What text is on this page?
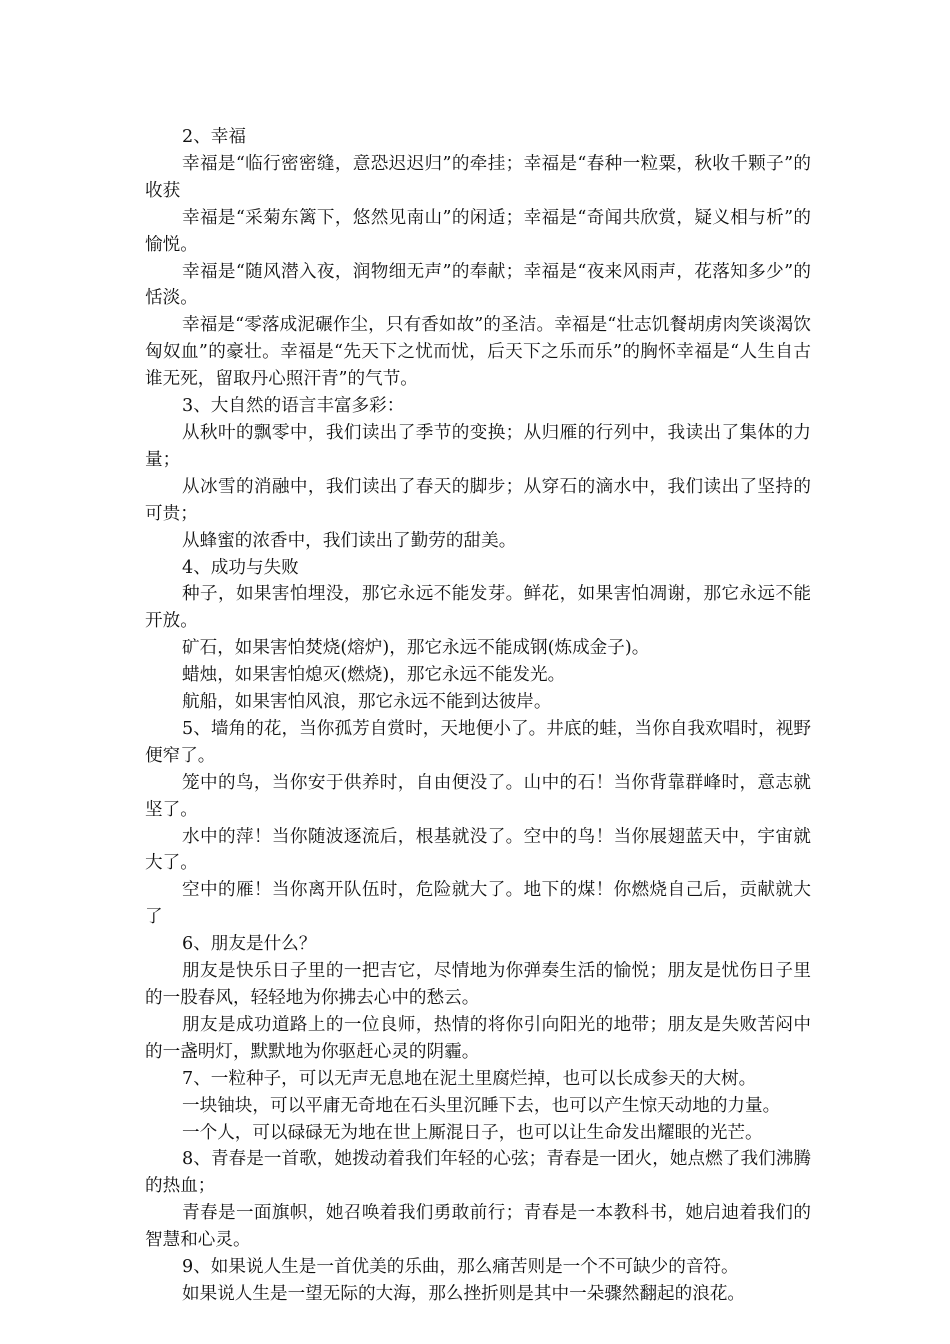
2、幸福

幸福是“临行密密缝，意恐迟迟归”的牵挂；幸福是“春种一粒粟，秋收千颗子”的收获

幸福是“采菊东篱下，悠然见南山”的闲适；幸福是“奇闻共欣赏，疑义相与析”的愉悦。

幸福是“随风潜入夜，润物细无声”的奉献；幸福是“夜来风雨声，花落知多少”的恬淡。

幸福是“零落成泥碾作尘，只有香如故”的圣洁。幸福是“壮志饥餐胡虏肉笑谈渴饮匈奴血”的豪壮。幸福是“先天下之忧而忧，后天下之乐而乐”的胸怀幸福是“人生自古谁无死，留取丹心照汗青”的气节。

3、大自然的语言丰富多彩：

从秋叶的飘零中，我们读出了季节的变换；从归雁的行列中，我读出了集体的力量；

从冰雪的消融中，我们读出了春天的脚步；从穿石的滴水中，我们读出了坚持的可贵；

从蜂蜜的浓香中，我们读出了勤劳的甜美。

4、成功与失败

种子，如果害怕埋没，那它永远不能发芽。鲜花，如果害怕凋谢，那它永远不能开放。

矿石，如果害怕焚烧(熔炉)，那它永远不能成钢(炼成金子)。

蜡烛，如果害怕熄灭(燃烧)，那它永远不能发光。

航船，如果害怕风浪，那它永远不能到达彼岸。

5、墙角的花，当你孤芳自赏时，天地便小了。井底的蛙，当你自我欢唱时，视野便窄了。

笼中的鸟，当你安于供养时，自由便没了。山中的石！当你背靠群峰时，意志就坚了。

水中的萍！当你随波逐流后，根基就没了。空中的鸟！当你展翅蓝天中，宇宙就大了。

空中的雁！当你离开队伍时，危险就大了。地下的煤！你燃烧自己后，贡献就大了

6、朋友是什么？

朋友是快乐日子里的一把吉它，尽情地为你弹奏生活的愉悦；朋友是忧伤日子里的一股春风，轻轻地为你拂去心中的愁云。

朋友是成功道路上的一位良师，热情的将你引向阳光的地带；朋友是失败苦闷中的一盏明灯，默默地为你驱赶心灵的阴霾。

7、一粒种子，可以无声无息地在泥土里腐烂掉，也可以长成参天的大树。

一块铀块，可以平庸无奇地在石头里沉睡下去，也可以产生惊天动地的力量。

一个人，可以碌碌无为地在世上厮混日子，也可以让生命发出耀眼的光芒。

8、青春是一首歌，她拨动着我们年轻的心弦；青春是一团火，她点燃了我们沸腾的热血；

青春是一面旗帜，她召唤着我们勇敢前行；青春是一本教科书，她启迪着我们的智慧和心灵。

9、如果说人生是一首优美的乐曲，那么痛苦则是一个不可缺少的音符。

如果说人生是一望无际的大海，那么挫折则是其中一朵骤然翻起的浪花。
